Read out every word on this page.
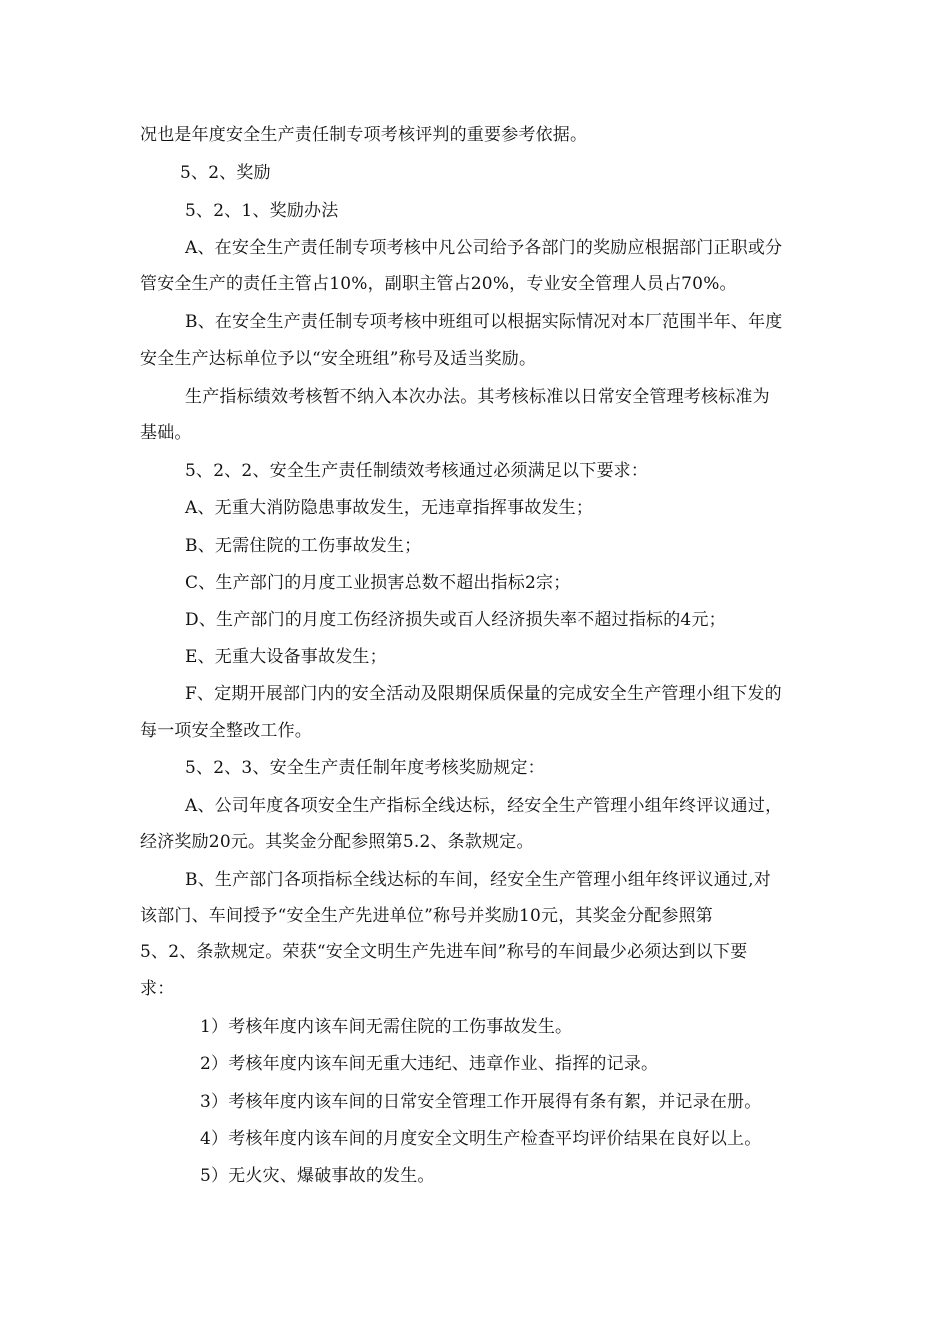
况也是年度安全生产责任制专项考核评判的重要参考依据。
5、2、奖励
5、2、1、奖励办法
A、在安全生产责任制专项考核中凡公司给予各部门的奖励应根据部门正职或分
管安全生产的责任主管占10%，副职主管占20%，专业安全管理人员占70%。
B、在安全生产责任制专项考核中班组可以根据实际情况对本厂范围半年、年度
安全生产达标单位予以“安全班组”称号及适当奖励。
生产指标绩效考核暂不纳入本次办法。其考核标准以日常安全管理考核标准为
基础。
5、2、2、安全生产责任制绩效考核通过必须满足以下要求：
A、无重大消防隐患事故发生，无违章指挥事故发生；
B、无需住院的工伤事故发生；
C、生产部门的月度工业损害总数不超出指标2宗；
D、生产部门的月度工伤经济损失或百人经济损失率不超过指标的4元；
E、无重大设备事故发生；
F、定期开展部门内的安全活动及限期保质保量的完成安全生产管理小组下发的
每一项安全整改工作。
5、2、3、安全生产责任制年度考核奖励规定：
A、公司年度各项安全生产指标全线达标，经安全生产管理小组年终评议通过，
经济奖励20元。其奖金分配参照第5.2、条款规定。
B、生产部门各项指标全线达标的车间，经安全生产管理小组年终评议通过,对
该部门、车间授予“安全生产先进单位”称号并奖励10元，其奖金分配参照第
5、2、条款规定。荣获“安全文明生产先进车间”称号的车间最少必须达到以下要
求：
1）考核年度内该车间无需住院的工伤事故发生。
2）考核年度内该车间无重大违纪、违章作业、指挥的记录。
3）考核年度内该车间的日常安全管理工作开展得有条有絮，并记录在册。
4）考核年度内该车间的月度安全文明生产检查平均评价结果在良好以上。
5）无火灾、爆破事故的发生。
